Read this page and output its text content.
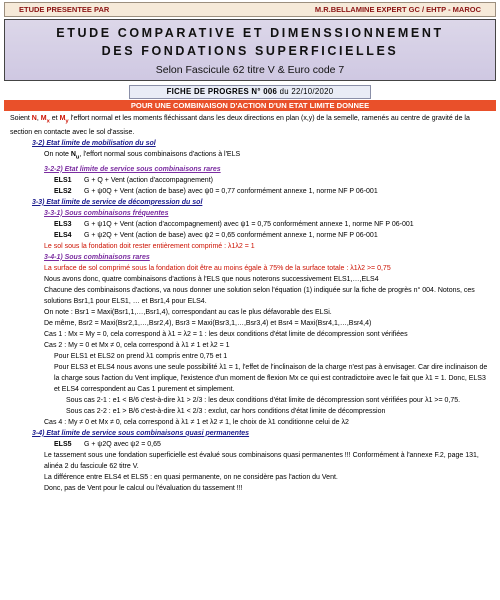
ETUDE PRESENTEE PAR	M.R.BELLAMINE EXPERT GC / EHTP - MAROC
ETUDE COMPARATIVE ET DIMENSSIONNEMENT
DES FONDATIONS SUPERFICIELLES
Selon Fascicule 62 titre V & Euro code 7
FICHE DE PROGRES N° 006 du 22/10/2020
POUR UNE COMBINAISON D'ACTION D'UN ETAT LIMITE DONNEE

Soient N, $M_x$ et $M_y$ l'effort normal et les moments fléchissant dans les deux directions en plan (x,y) de la semelle, ramenés au centre de gravité de la section en contacte avec le sol d'assise.

3-2) Etat limite de mobilisation du sol

On note $N_u$, l'effort normal sous combinaisons d'actions à l'ELS

3-2-2) Etat limite de service sous combinaisons rares

ELS1	G + Q + Vent (action d'accompagnement)
ELS2	G + ψ0Q + Vent (action de base) avec ψ0 = 0,77 conformément annexe 1, norme NF P 06-001

3-3) Etat limite de service de décompression du sol

3-3-1) Sous combinaisons fréquentes

ELS3	G + ψ1Q + Vent (action d'accompagnement) avec ψ1 = 0,75 conformément annexe 1, norme NF P 06-001
ELS4	G + ψ2Q + Vent (action de base) avec ψ2 = 0,65 conformément annexe 1, norme NF P 06-001

Le sol sous la fondation doit rester entièrement comprimé : λ1λ2 = 1

3-4-1) Sous combinaisons rares

La surface de sol comprimé sous la fondation doit être au moins égale à 75% de la surface totale : λ1λ2 >= 0,75

Nous avons donc, quatre combinaisons d'actions à l'ELS que nous noterons successivement ELS1,…,ELS4

Chacune des combinaisons d'actions, va nous donner une solution selon l'équation (1) indiquée sur la fiche de progrès n° 004. Notons, ces solutions Bsr1,1 pour ELS1, … et Bsr1,4 pour ELS4.

On note : Bsr1 = Maxi(Bsr1,1,…,Bsr1,4), correspondant au cas le plus défavorable des ELSi.

De même, Bsr2 = Maxi(Bsr2,1,…,Bsr2,4), Bsr3 = Maxi(Bsr3,1,…,Bsr3,4) et Bsr4 = Maxi(Bsr4,1,…,Bsr4,4)

Cas 1 : Mx = My = 0, cela correspond à λ1 = λ2 = 1 : les deux conditions d'état limite de décompression sont vérifiées

Cas 2 : My = 0 et Mx ≠ 0, cela correspond à λ1 ≠ 1 et λ2 = 1

Pour ELS1 et ELS2 on prend λ1 compris entre 0,75 et 1

Pour ELS3 et ELS4 nous avons une seule possibilité λ1 = 1, l'effet de l'inclinaison de la charge n'est pas à envisager. Car dire inclinaison de la charge sous l'action du Vent implique, l'existence d'un moment de flexion Mx ce qui est contradictoire avec le fait que λ1 = 1. Donc, ELS3 et ELS4 correspondent au Cas 1 purement et simplement.

Sous cas 2-1 : e1 < B/6 c'est-à-dire λ1 > 2/3 : les deux conditions d'état limite de décompression sont vérifiées pour λ1 >= 0,75.

Sous cas 2-2 : e1 > B/6 c'est-à-dire λ1 < 2/3 : exclut, car hors conditions d'état limite de décompression

Cas 4 : My ≠ 0 et Mx ≠ 0, cela correspond à λ1 ≠ 1 et λ2 ≠ 1, le choix de λ1 conditionne celui de λ2

3-4) Etat limite de service sous combinaisons quasi permanentes

ELS5	G + ψ2Q avec ψ2 = 0,65

Le tassement sous une fondation superficielle est évalué sous combinaisons quasi permanentes !!! Conformément à l'annexe F.2, page 131, alinéa 2 du fascicule 62 titre V.

La différence entre ELS4 et ELS5 : en quasi permanente, on ne considère pas l'action du Vent.

Donc, pas de Vent pour le calcul ou l'évaluation du tassement !!!
